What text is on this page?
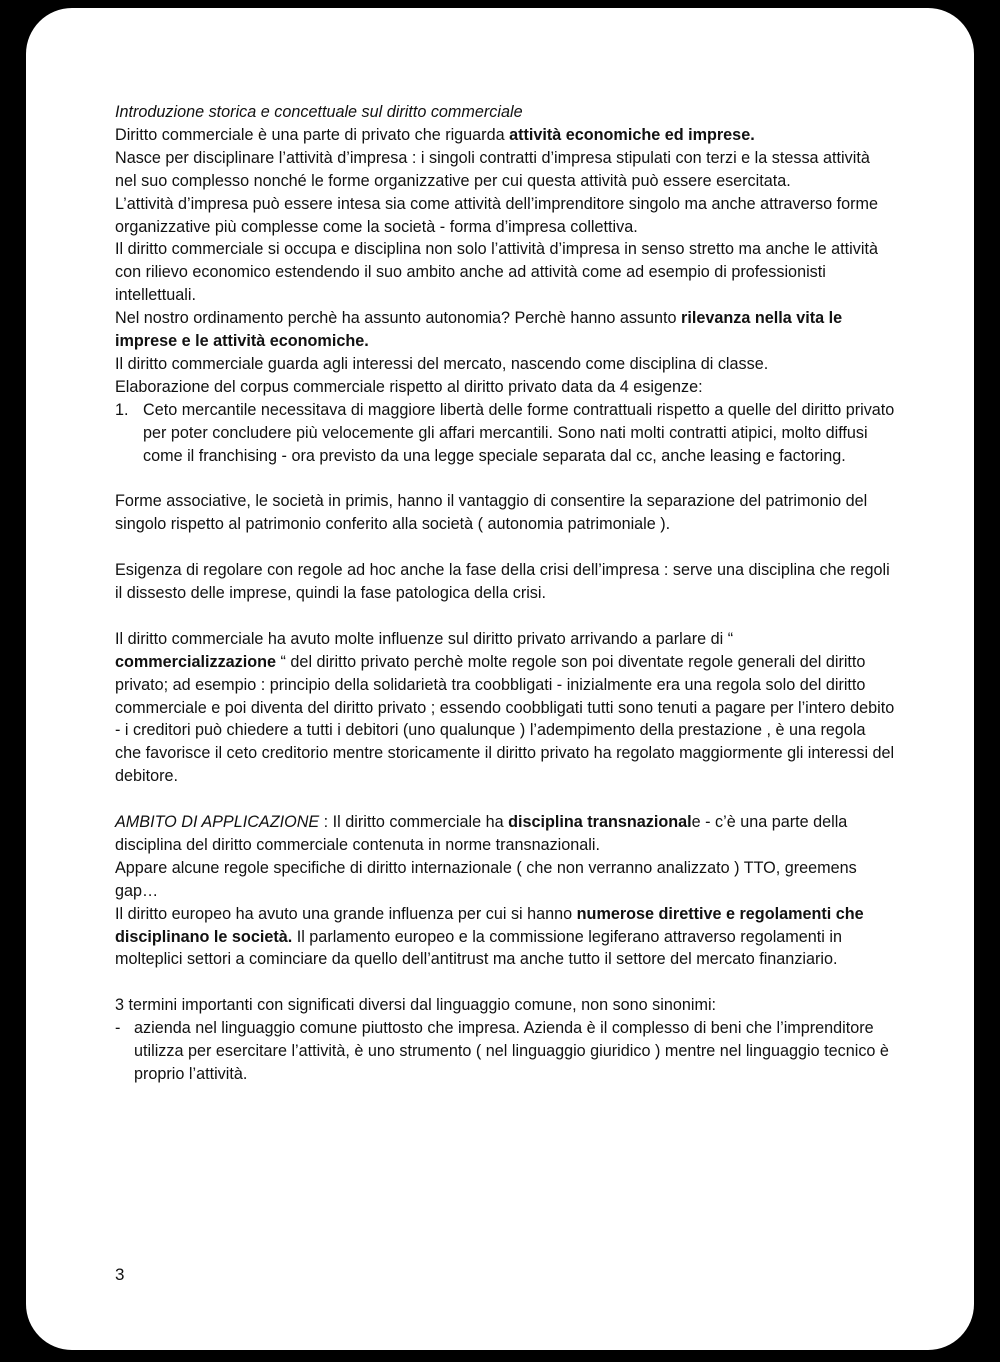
Introduzione storica e concettuale sul diritto commerciale

Diritto commerciale è una parte di privato che riguarda attività economiche ed imprese.

Nasce per disciplinare l’attività d’impresa : i singoli contratti d’impresa stipulati con terzi e la stessa attività nel suo complesso nonché le forme organizzative per cui questa attività può essere esercitata.

L’attività d’impresa può essere intesa sia come attività dell’imprenditore singolo ma anche attraverso forme organizzative più complesse come la società - forma d’impresa collettiva.

Il diritto commerciale si occupa e disciplina non solo l’attività d’impresa in senso stretto ma anche le attività con rilievo economico estendendo il suo ambito anche ad attività come ad esempio di professionisti intellettuali.

Nel nostro ordinamento perchè ha assunto autonomia? Perchè hanno assunto rilevanza nella vita le imprese e le attività economiche.

Il diritto commerciale guarda agli interessi del mercato, nascendo come disciplina di classe.

Elaborazione del corpus commerciale rispetto al diritto privato data da 4 esigenze:

1. Ceto mercantile necessitava di maggiore libertà delle forme contrattuali rispetto a quelle del diritto privato per poter concludere più velocemente gli affari mercantili. Sono nati molti contratti atipici, molto diffusi come il franchising - ora previsto da una legge speciale separata dal cc, anche leasing e factoring.

Forme associative, le società in primis, hanno il vantaggio di consentire la separazione del patrimonio del singolo rispetto al patrimonio conferito alla società ( autonomia patrimoniale ).

Esigenza di regolare con regole ad hoc anche la fase della crisi dell’impresa : serve una disciplina che regoli il dissesto delle imprese, quindi la fase patologica della crisi.

Il diritto commerciale ha avuto molte influenze sul diritto privato arrivando a parlare di “ commercializzazione “ del diritto privato perchè molte regole son poi diventate regole generali del diritto privato; ad esempio : principio della solidarietà tra coobbligati - inizialmente era una regola solo del diritto commerciale e poi diventa del diritto privato ; essendo coobbligati tutti sono tenuti a pagare per l’intero debito - i creditori può chiedere a tutti i debitori (uno qualunque ) l’adempimento della prestazione , è una regola che favorisce il ceto creditorio mentre storicamente il diritto privato ha regolato maggiormente gli interessi del debitore.

AMBITO DI APPLICAZIONE : Il diritto commerciale ha disciplina transnazionale - c’è una parte della disciplina del diritto commerciale contenuta in norme transnazionali.

Appare alcune regole specifiche di diritto internazionale ( che non verranno analizzato ) TTO, greemens gap…

Il diritto europeo ha avuto una grande influenza per cui si hanno numerose direttive e regolamenti che disciplinano le società. Il parlamento europeo e la commissione legiferano attraverso regolamenti in molteplici settori a cominciare da quello dell’antitrust ma anche tutto il settore del mercato finanziario.

3 termini importanti con significati diversi dal linguaggio comune, non sono sinonimi:

- azienda nel linguaggio comune piuttosto che impresa. Azienda è il complesso di beni che l’imprenditore utilizza per esercitare l’attività, è uno strumento ( nel linguaggio giuridico ) mentre nel linguaggio tecnico è proprio l’attività.
3
